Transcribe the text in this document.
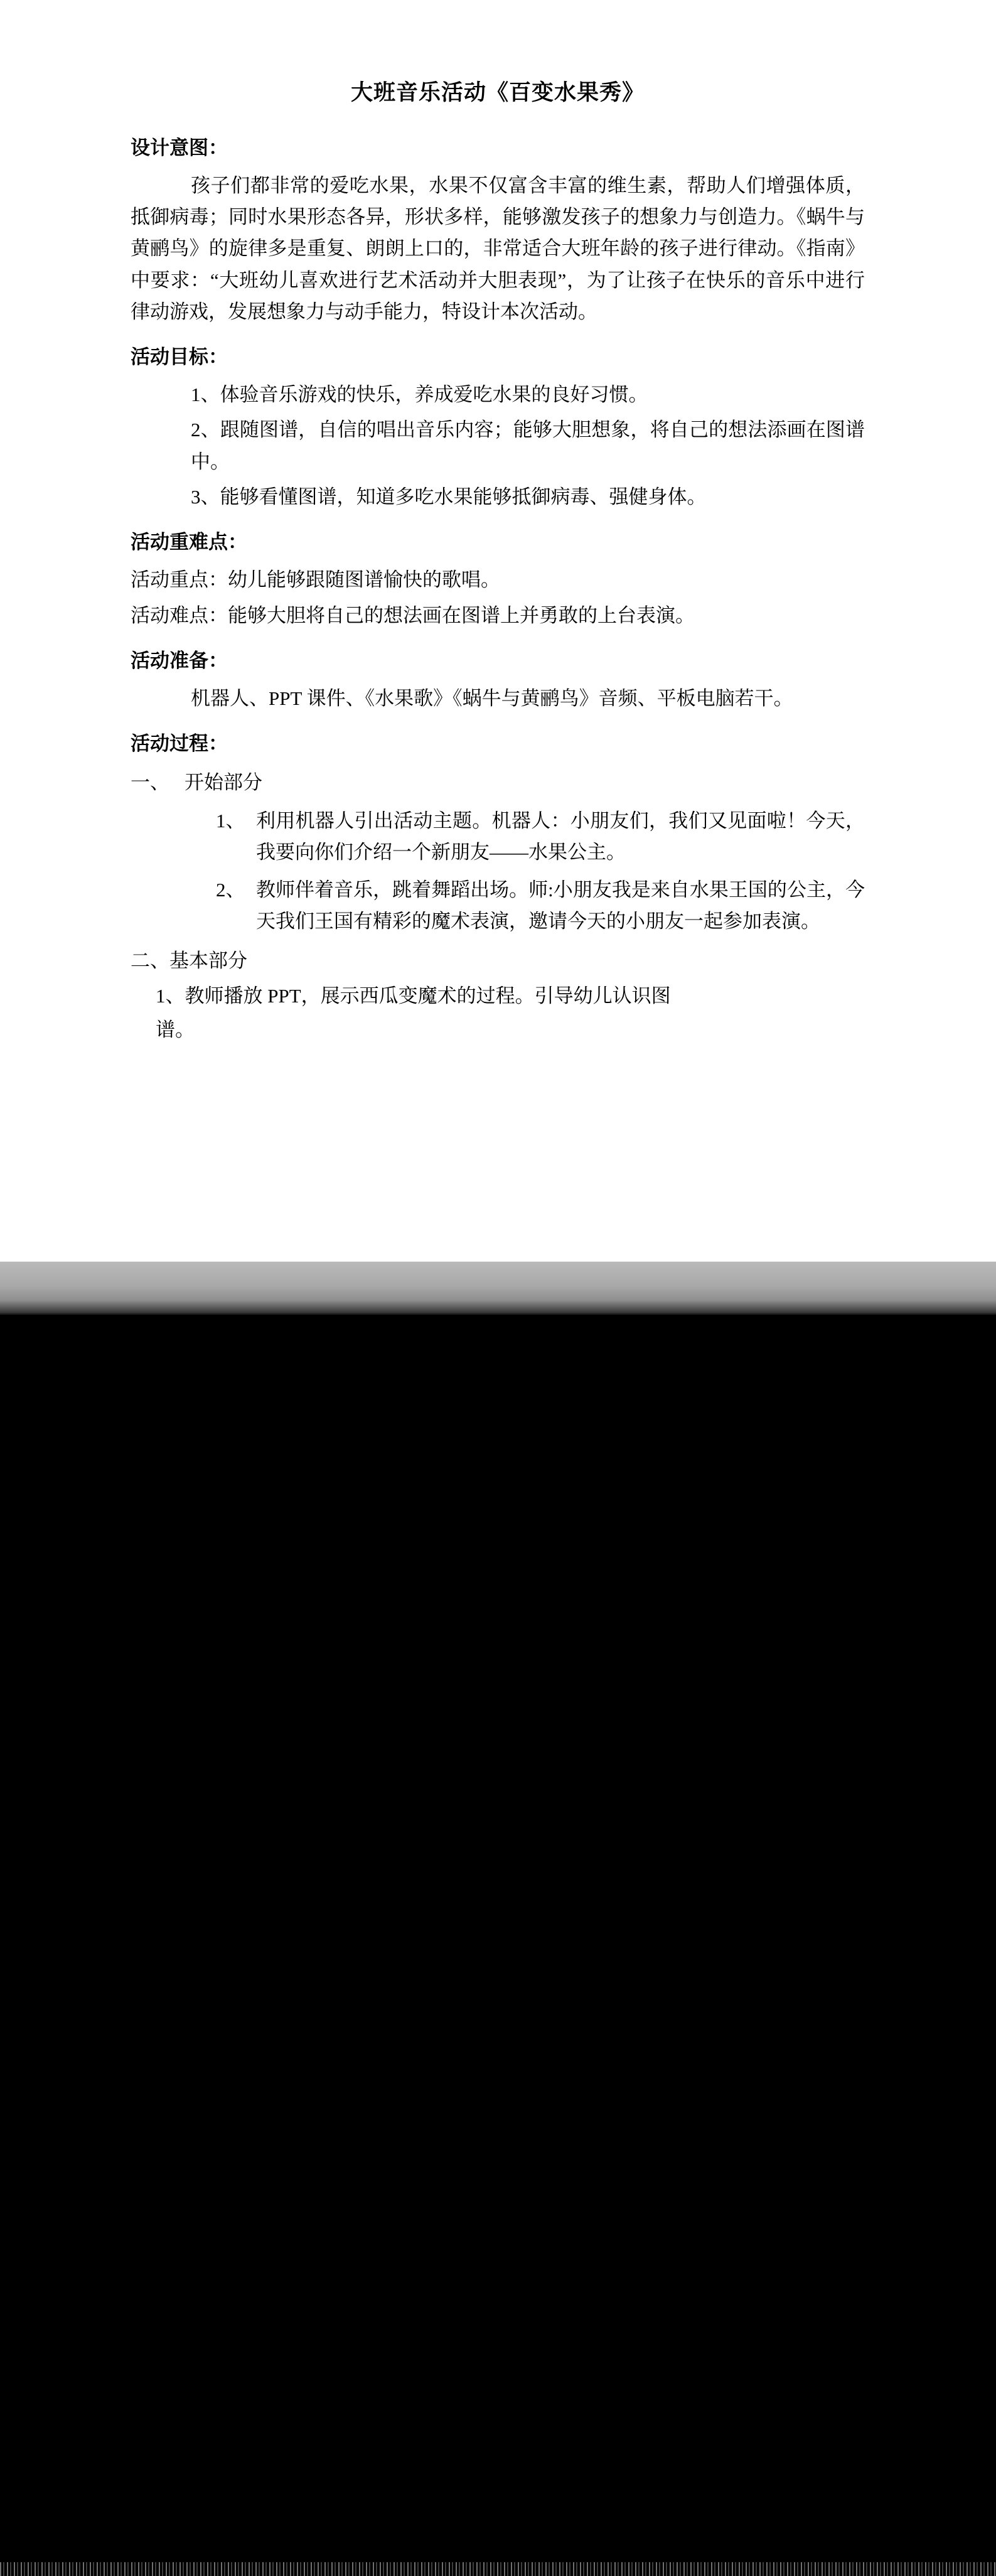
大班音乐活动《百变水果秀》
设计意图：
孩子们都非常的爱吃水果，水果不仅富含丰富的维生素，帮助人们增强体质，抵御病毒；同时水果形态各异，形状多样，能够激发孩子的想象力与创造力。《蜗牛与黄鹂鸟》的旋律多是重复、朗朗上口的，非常适合大班年龄的孩子进行律动。《指南》中要求：“大班幼儿喜欢进行艺术活动并大胆表现”，为了让孩子在快乐的音乐中进行律动游戏，发展想象力与动手能力，特设计本次活动。
活动目标：
1、体验音乐游戏的快乐，养成爱吃水果的良好习惯。
2、跟随图谱，自信的唱出音乐内容；能够大胆想象，将自己的想法添画在图谱中。
3、能够看懂图谱，知道多吃水果能够抵御病毒、强健身体。
活动重难点：
活动重点：幼儿能够跟随图谱愉快的歌唱。
活动难点：能够大胆将自己的想法画在图谱上并勇敢的上台表演。
活动准备：
机器人、PPT 课件、《水果歌》《蜗牛与黄鹂鸟》音频、平板电脑若干。
活动过程：
一、 开始部分
1、 利用机器人引出活动主题。机器人：小朋友们，我们又见面啦！今天，我要向你们介绍一个新朋友——水果公主。
2、 教师伴着音乐，跳着舞蹈出场。师:小朋友我是来自水果王国的公主，今天我们王国有精彩的魔术表演，邀请今天的小朋友一起参加表演。
二、基本部分
1、教师播放 PPT，展示西瓜变魔术的过程。引导幼儿认识图
谱。
